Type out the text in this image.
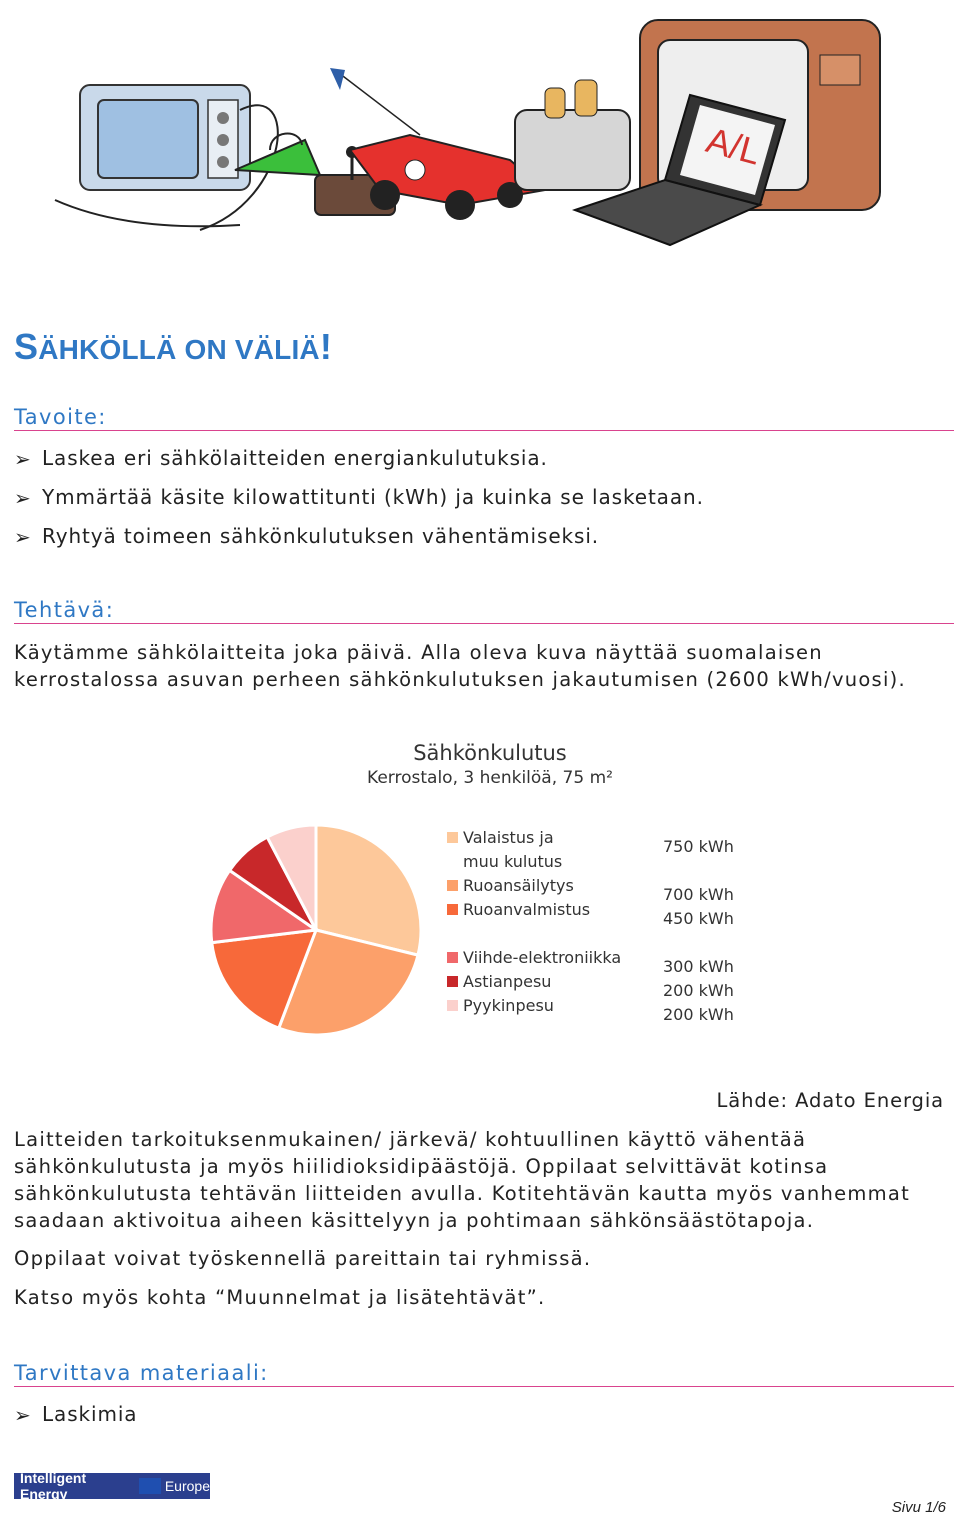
A/L
SÄHKÖLLÄ ON VÄLIÄ!
Tavoite:
➢ Laskea eri sähkölaitteiden energiankulutuksia.
➢ Ymmärtää käsite kilowattitunti (kWh) ja kuinka se lasketaan.
➢ Ryhtyä toimeen sähkönkulutuksen vähentämiseksi.
Tehtävä:

Käytämme sähkölaitteita joka päivä. Alla oleva kuva näyttää suomalaisen
kerrostalossa asuvan perheen sähkönkulutuksen jakautumisen (2600 kWh/vuosi).

Sähkönkulutus
Kerrostalo, 3 henkilöä, 75 m²
Valaistus ja
muu kulutus
750 kWh
Ruoansäilytys	700 kWh
Ruoanvalmistus	450 kWh
Viihde-elektroniikka	300 kWh
Astianpesu	200 kWh
Pyykinpesu	200 kWh
Lähde: Adato Energia

Laitteiden tarkoituksenmukainen/ järkevä/ kohtuullinen käyttö vähentää
sähkönkulutusta ja myös hiilidioksidipäästöjä. Oppilaat selvittävät kotinsa
sähkönkulutusta tehtävän liitteiden avulla. Kotitehtävän kautta myös vanhemmat
saadaan aktivoitua aiheen käsittelyyn ja pohtimaan sähkönsäästötapoja.

Oppilaat voivat työskennellä pareittain tai ryhmissä.

Katso myös kohta “Muunnelmat ja lisätehtävät”.

Tarvittava materiaali:
➢ Laskimia
Intelligent Energy	Europe
Sivu 1/6
